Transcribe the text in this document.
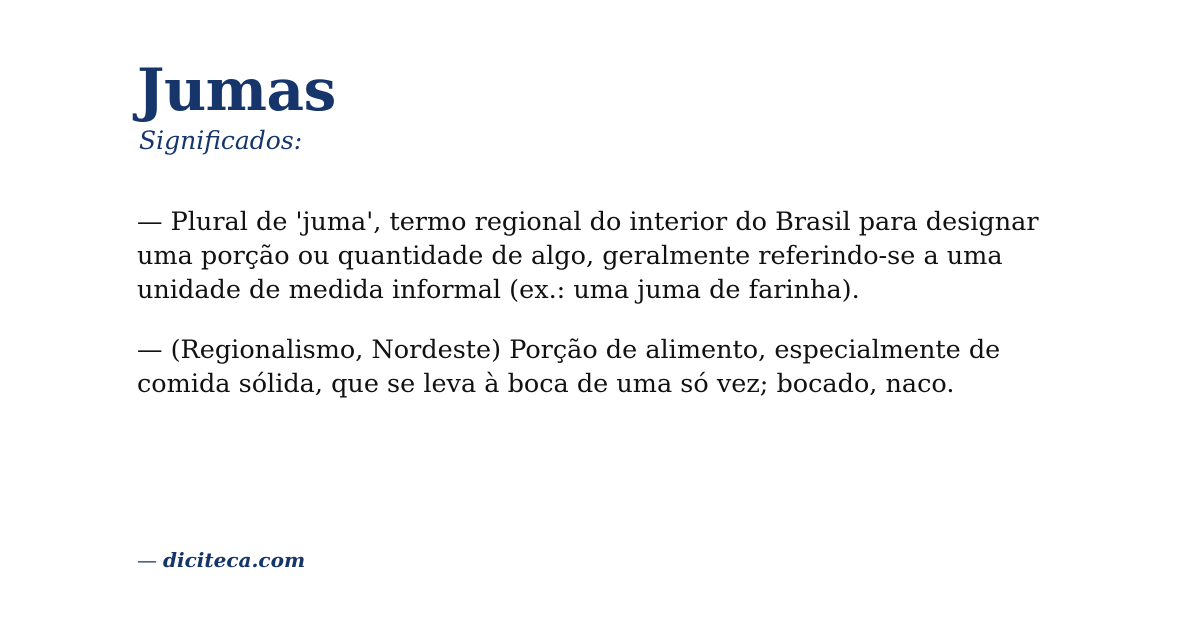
Jumas
Significados:

— Plural de 'juma', termo regional do interior do Brasil para designar uma porção ou quantidade de algo, geralmente referindo-se a uma unidade de medida informal (ex.: uma juma de farinha).

— (Regionalismo, Nordeste) Porção de alimento, especialmente de comida sólida, que se leva à boca de uma só vez; bocado, naco.

— diciteca.com
